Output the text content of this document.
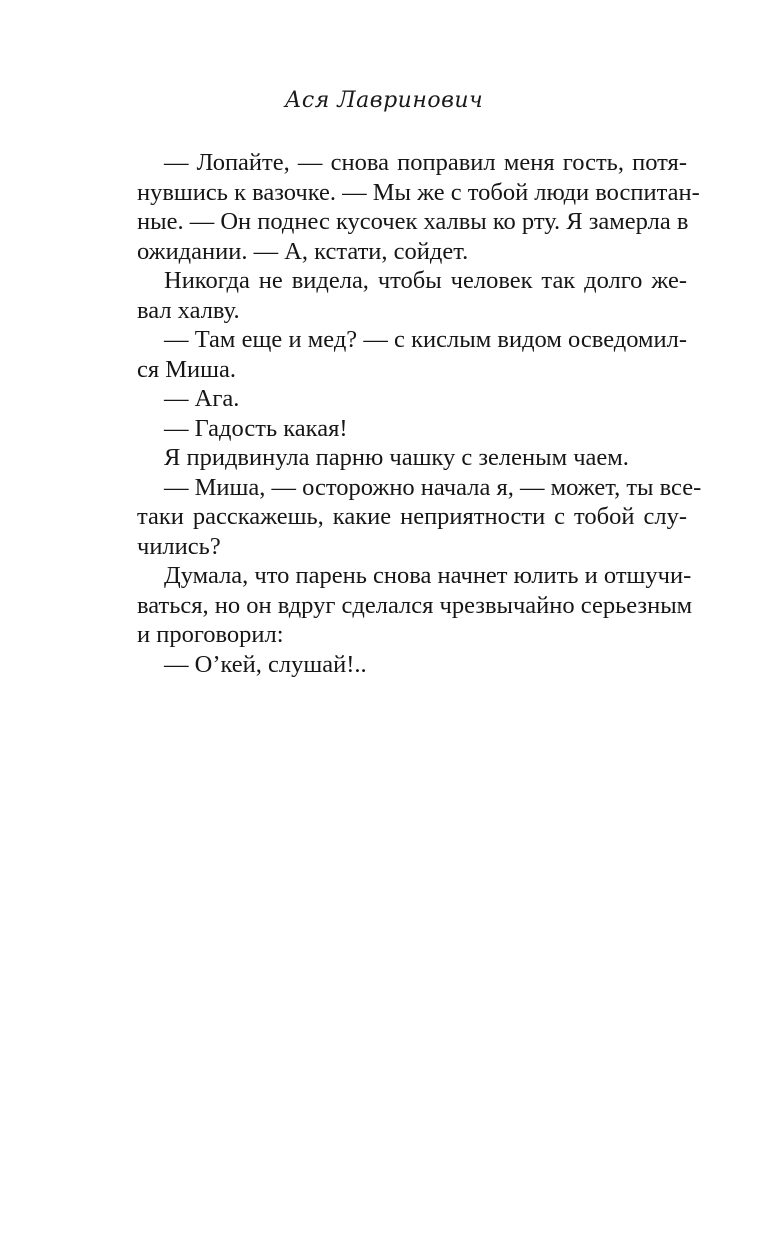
Ася Лавринович
— Лопайте, — снова поправил меня гость, потя-
нувшись к вазочке. — Мы же с тобой люди воспитан-
ные. — Он поднес кусочек халвы ко рту. Я замерла в
ожидании. — А, кстати, сойдет.
Никогда не видела, чтобы человек так долго же-
вал халву.
— Там еще и мед? — с кислым видом осведомил-
ся Миша.
— Ага.
— Гадость какая!
Я придвинула парню чашку с зеленым чаем.
— Миша, — осторожно начала я, — может, ты все-
таки расскажешь, какие неприятности с тобой слу-
чились?
Думала, что парень снова начнет юлить и отшучи-
ваться, но он вдруг сделался чрезвычайно серьезным
и проговорил:
— О’кей, слушай!..
